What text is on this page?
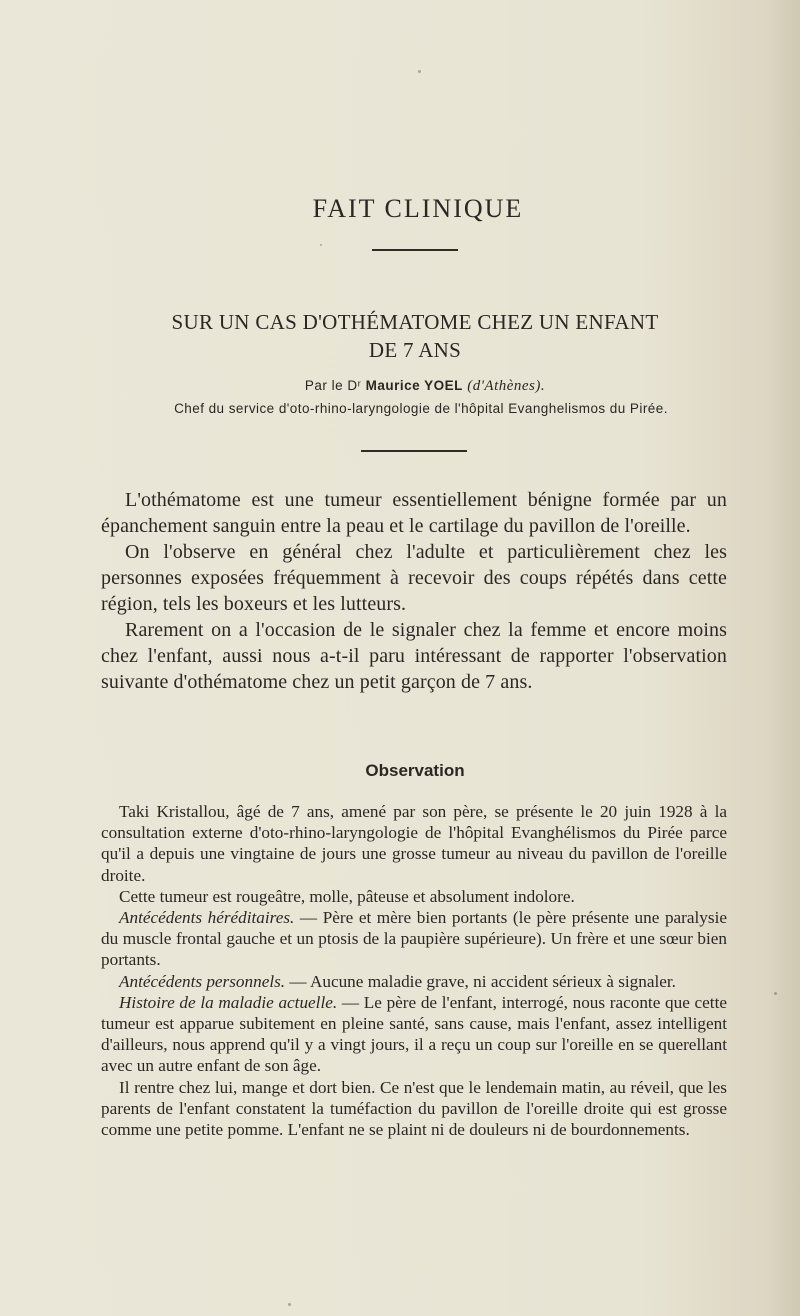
FAIT CLINIQUE
SUR UN CAS D'OTHÉMATOME CHEZ UN ENFANT
DE 7 ANS
Par le Dʳ Maurice YOEL (d'Athènes).
Chef du service d'oto-rhino-laryngologie de l'hôpital Evanghelismos du Pirée.

L'othématome est une tumeur essentiellement bénigne formée par un épanchement sanguin entre la peau et le cartilage du pavillon de l'oreille.

On l'observe en général chez l'adulte et particulièrement chez les personnes exposées fréquemment à recevoir des coups répétés dans cette région, tels les boxeurs et les lutteurs.

Rarement on a l'occasion de le signaler chez la femme et encore moins chez l'enfant, aussi nous a-t-il paru intéressant de rapporter l'observation suivante d'othématome chez un petit garçon de 7 ans.

Observation

Taki Kristallou, âgé de 7 ans, amené par son père, se présente le 20 juin 1928 à la consultation externe d'oto-rhino-laryngologie de l'hôpital Evanghélismos du Pirée parce qu'il a depuis une vingtaine de jours une grosse tumeur au niveau du pavillon de l'oreille droite.

Cette tumeur est rougeâtre, molle, pâteuse et absolument indolore.

Antécédents héréditaires. — Père et mère bien portants (le père présente une paralysie du muscle frontal gauche et un ptosis de la paupière supérieure). Un frère et une sœur bien portants.

Antécédents personnels. — Aucune maladie grave, ni accident sérieux à signaler.

Histoire de la maladie actuelle. — Le père de l'enfant, interrogé, nous raconte que cette tumeur est apparue subitement en pleine santé, sans cause, mais l'enfant, assez intelligent d'ailleurs, nous apprend qu'il y a vingt jours, il a reçu un coup sur l'oreille en se querellant avec un autre enfant de son âge.

Il rentre chez lui, mange et dort bien. Ce n'est que le lendemain matin, au réveil, que les parents de l'enfant constatent la tuméfaction du pavillon de l'oreille droite qui est grosse comme une petite pomme. L'enfant ne se plaint ni de douleurs ni de bourdonnements.
